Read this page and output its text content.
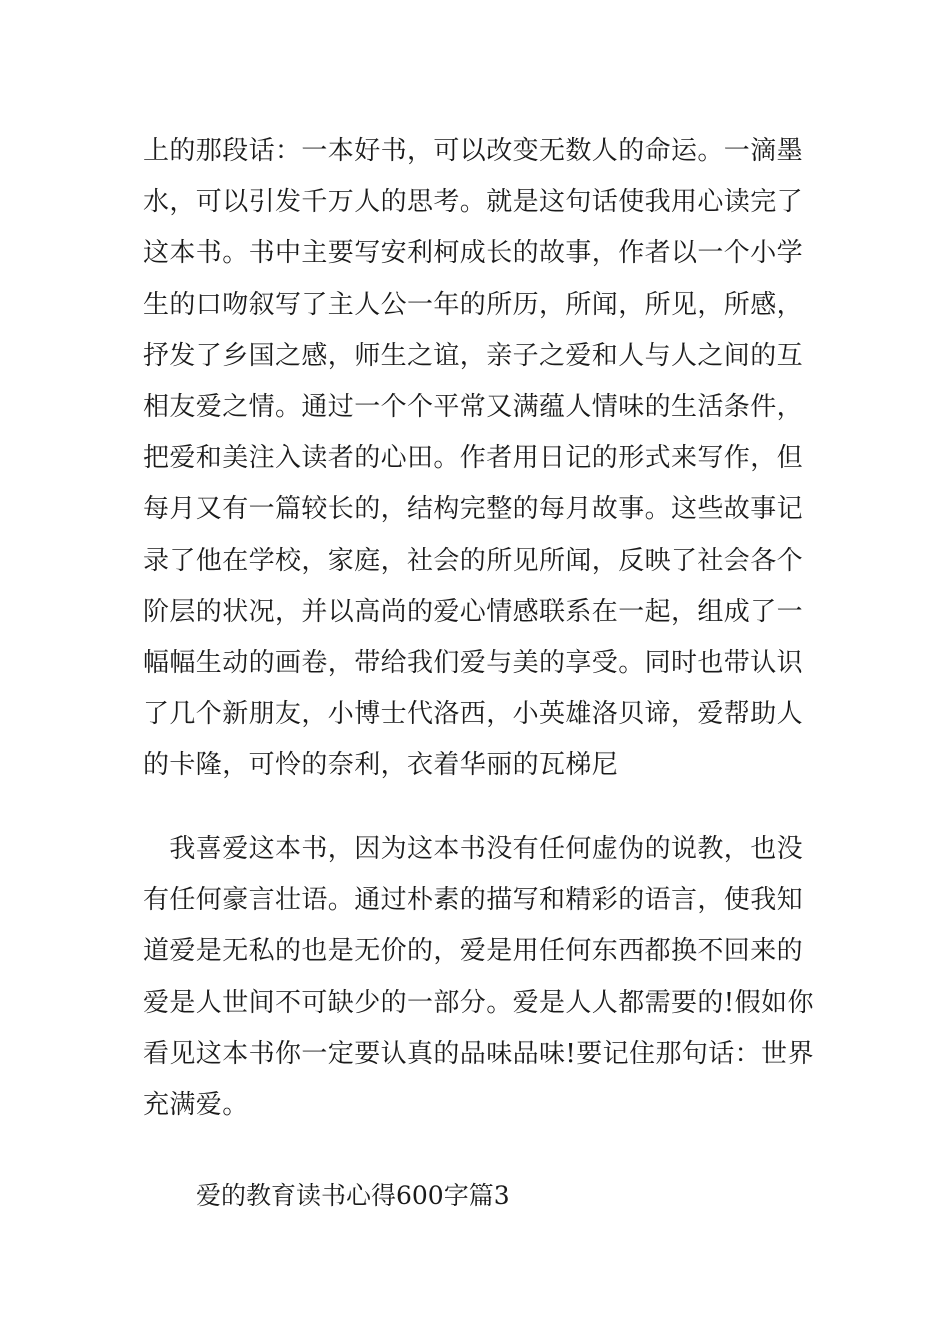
上的那段话：一本好书，可以改变无数人的命运。一滴墨
水，可以引发千万人的思考。就是这句话使我用心读完了
这本书。书中主要写安利柯成长的故事，作者以一个小学
生的口吻叙写了主人公一年的所历，所闻，所见，所感，
抒发了乡国之感，师生之谊，亲子之爱和人与人之间的互
相友爱之情。通过一个个平常又满蕴人情味的生活条件，
把爱和美注入读者的心田。作者用日记的形式来写作，但
每月又有一篇较长的，结构完整的每月故事。这些故事记
录了他在学校，家庭，社会的所见所闻，反映了社会各个
阶层的状况，并以高尚的爱心情感联系在一起，组成了一
幅幅生动的画卷，带给我们爱与美的享受。同时也带认识
了几个新朋友，小博士代洛西，小英雄洛贝谛，爱帮助人
的卡隆，可怜的奈利，衣着华丽的瓦梯尼
　我喜爱这本书，因为这本书没有任何虚伪的说教，也没
有任何豪言壮语。通过朴素的描写和精彩的语言，使我知
道爱是无私的也是无价的，爱是用任何东西都换不回来的
爱是人世间不可缺少的一部分。爱是人人都需要的!假如你
看见这本书你一定要认真的品味品味!要记住那句话：世界
充满爱。
爱的教育读书心得600字篇3
